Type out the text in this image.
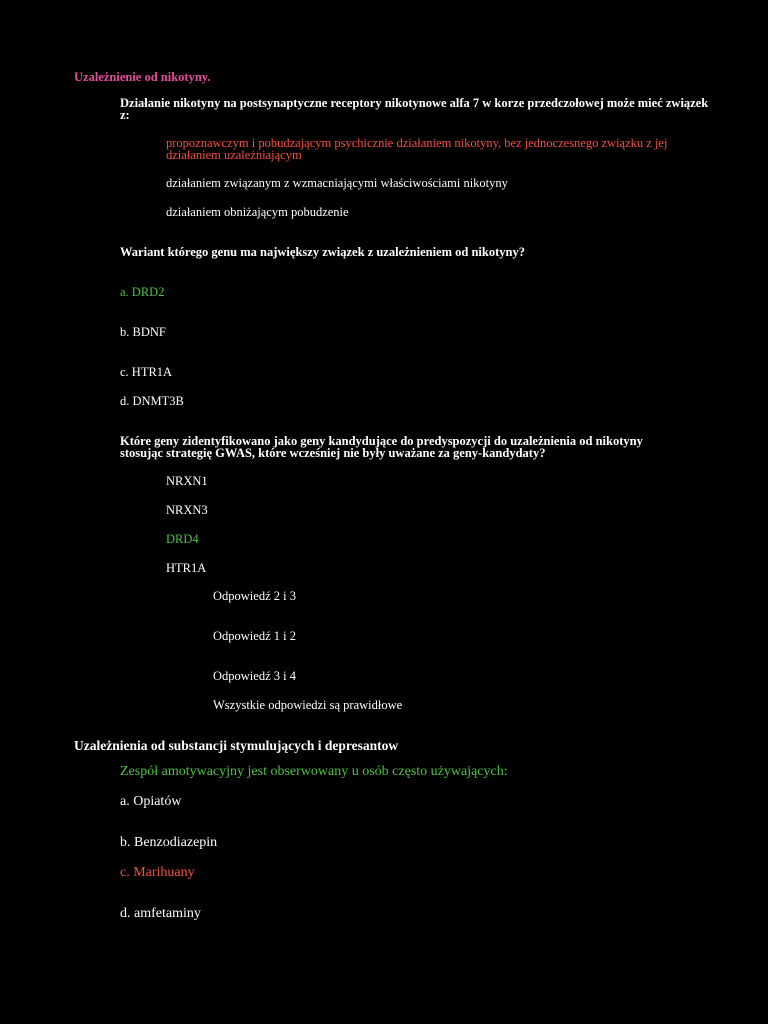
Uzależnienie od nikotyny.

Działanie nikotyny na postsynaptyczne receptory nikotynowe alfa 7 w korze przedczołowej może mieć związek z:

propoznawczym i pobudzającym psychicznie działaniem nikotyny, bez jednoczesnego związku z jej działaniem uzależniającym

działaniem związanym z wzmacniającymi właściwościami nikotyny

działaniem obniżającym pobudzenie

Wariant którego genu ma największy związek z uzależnieniem od nikotyny?

a. DRD2

b. BDNF

c. HTR1A

d. DNMT3B

Które geny zidentyfikowano jako geny kandydujące do predyspozycji do uzależnienia od nikotyny stosując strategię GWAS, które wcześniej nie były uważane za geny-kandydaty?

NRXN1

NRXN3

DRD4

HTR1A

Odpowiedź 2 i 3

Odpowiedź 1 i 2

Odpowiedź 3 i 4

Wszystkie odpowiedzi są prawidłowe

Uzależnienia od substancji stymulujących i depresantow

Zespół amotywacyjny jest obserwowany u osób często używających:

a. Opiatów

b. Benzodiazepin

c. Marihuany

d. amfetaminy
